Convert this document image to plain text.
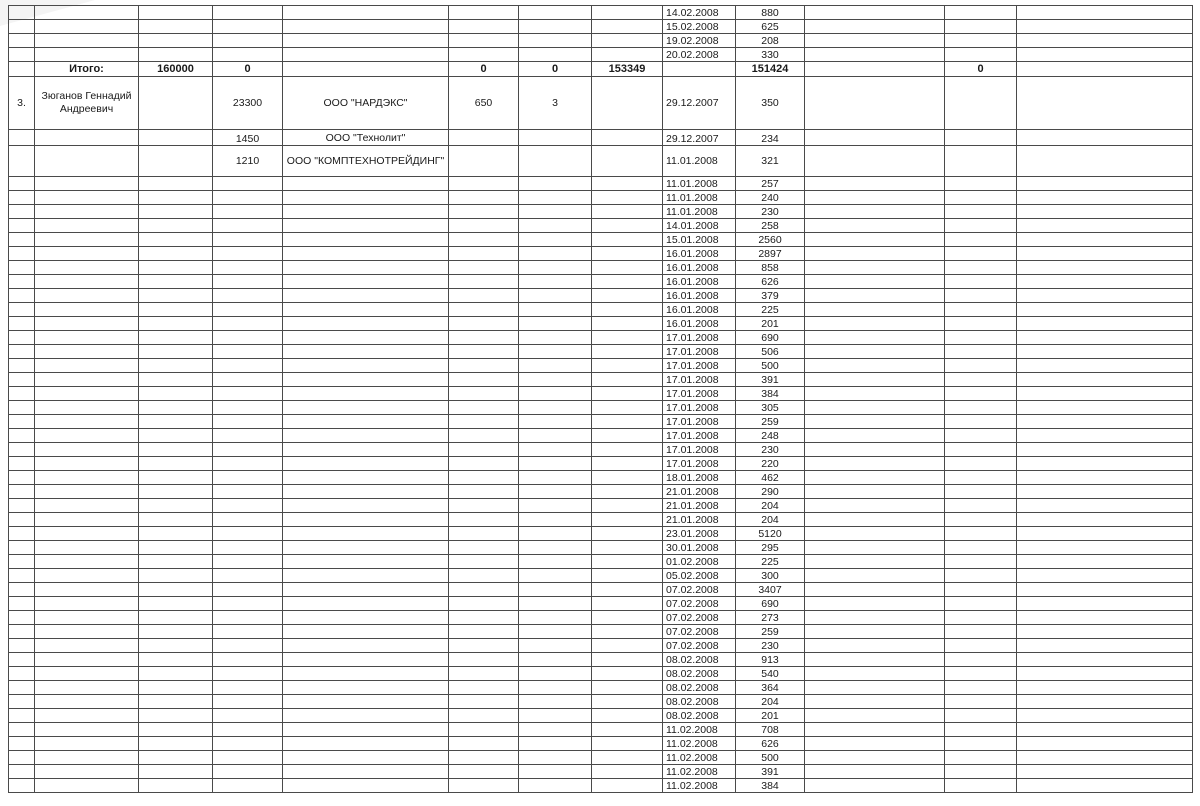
								14.02.2008	880			
								15.02.2008	625			
								19.02.2008	208			
								20.02.2008	330			
	Итого:	160000	0		0	0	153349		151424		0	
3.	Зюганов Геннадий Андреевич		23300	ООО "НАРДЭКС"	650	3		29.12.2007	350			
			1450	ООО "Технолит"				29.12.2007	234			
			1210	ООО "КОМПТЕХНОТРЕЙДИНГ"				11.01.2008	321			
								11.01.2008	257			
								11.01.2008	240			
								11.01.2008	230			
								14.01.2008	258			
								15.01.2008	2560			
								16.01.2008	2897			
								16.01.2008	858			
								16.01.2008	626			
								16.01.2008	379			
								16.01.2008	225			
								16.01.2008	201			
								17.01.2008	690			
								17.01.2008	506			
								17.01.2008	500			
								17.01.2008	391			
								17.01.2008	384			
								17.01.2008	305			
								17.01.2008	259			
								17.01.2008	248			
								17.01.2008	230			
								17.01.2008	220			
								18.01.2008	462			
								21.01.2008	290			
								21.01.2008	204			
								21.01.2008	204			
								23.01.2008	5120			
								30.01.2008	295			
								01.02.2008	225			
								05.02.2008	300			
								07.02.2008	3407			
								07.02.2008	690			
								07.02.2008	273			
								07.02.2008	259			
								07.02.2008	230			
								08.02.2008	913			
								08.02.2008	540			
								08.02.2008	364			
								08.02.2008	204			
								08.02.2008	201			
								11.02.2008	708			
								11.02.2008	626			
								11.02.2008	500			
								11.02.2008	391			
								11.02.2008	384			
